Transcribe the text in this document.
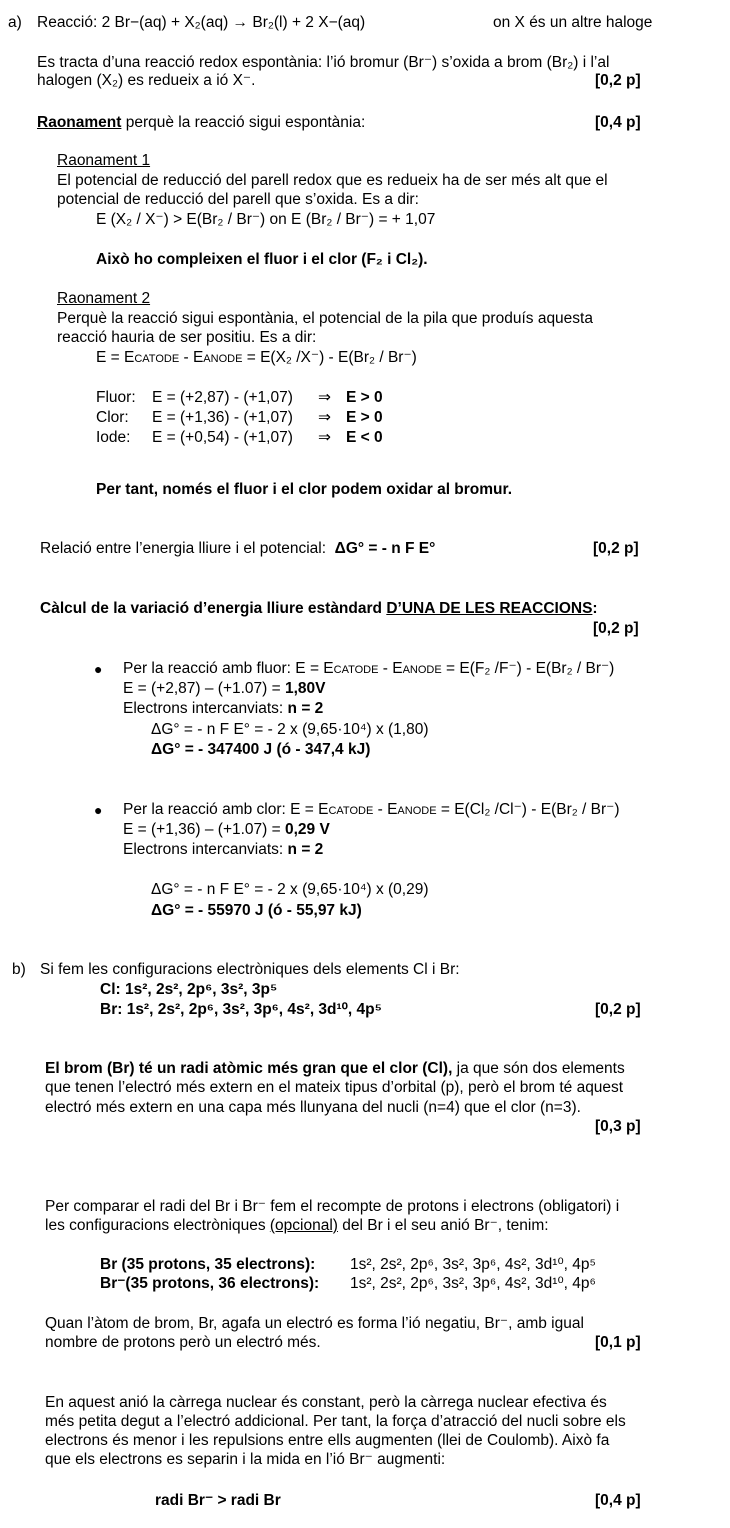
a) Reacció: 2 Br−(aq) + X₂(aq) → Br₂(l) + 2 X−(aq)	on X és un altre haloge
Es tracta d’una reacció redox espontània: l’ió bromur (Br⁻) s’oxida a brom (Br₂) i l’al
halogen (X₂) es redueix a ió X⁻.	[0,2 p]
Raonament perquè la reacció sigui espontània:	[0,4 p]
Raonament 1
El potencial de reducció del parell redox que es redueix ha de ser més alt que el
potencial de reducció del parell que s’oxida. Es a dir:
E (X₂ / X⁻) > E(Br₂ / Br⁻) on E (Br₂ / Br⁻) = + 1,07
Això ho compleixen el fluor i el clor (F₂ i Cl₂).
Raonament 2
Perquè la reacció sigui espontània, el potencial de la pila que produís aquesta
reacció hauria de ser positiu. Es a dir:
E = ECATODE - EANODE = E(X₂ /X⁻) - E(Br₂ / Br⁻)
Fluor: E = (+2,87) - (+1,07) ⇒ E > 0
Clor: E = (+1,36) - (+1,07) ⇒ E > 0
Iode: E = (+0,54) - (+1,07) ⇒ E < 0
Per tant, només el fluor i el clor podem oxidar al bromur.
Relació entre l’energia lliure i el potencial: ΔG° = - n F E°	[0,2 p]
Càlcul de la variació d’energia lliure estàndard D’UNA DE LES REACCIONS:
[0,2 p]
● Per la reacció amb fluor: E = ECATODE - EANODE = E(F₂ /F⁻) - E(Br₂ / Br⁻)
E = (+2,87) – (+1.07) = 1,80V
Electrons intercanviats: n = 2
ΔG° = - n F E° = - 2 x (9,65·10⁴) x (1,80)
ΔG° = - 347400 J (ó - 347,4 kJ)
● Per la reacció amb clor: E = ECATODE - EANODE = E(Cl₂ /Cl⁻) - E(Br₂ / Br⁻)
E = (+1,36) – (+1.07) = 0,29 V
Electrons intercanviats: n = 2
ΔG° = - n F E° = - 2 x (9,65·10⁴) x (0,29)
ΔG° = - 55970 J (ó - 55,97 kJ)
b) Si fem les configuracions electròniques dels elements Cl i Br:
Cl: 1s², 2s², 2p⁶, 3s², 3p⁵
Br: 1s², 2s², 2p⁶, 3s², 3p⁶, 4s², 3d¹⁰, 4p⁵	[0,2 p]
El brom (Br) té un radi atòmic més gran que el clor (Cl), ja que són dos elements
que tenen l’electró més extern en el mateix tipus d’orbital (p), però el brom té aquest
electró més extern en una capa més llunyana del nucli (n=4) que el clor (n=3).
[0,3 p]
Per comparar el radi del Br i Br⁻ fem el recompte de protons i electrons (obligatori) i
les configuracions electròniques (opcional) del Br i el seu anió Br⁻, tenim:
Br (35 protons, 35 electrons): 1s², 2s², 2p⁶, 3s², 3p⁶, 4s², 3d¹⁰, 4p⁵
Br⁻(35 protons, 36 electrons): 1s², 2s², 2p⁶, 3s², 3p⁶, 4s², 3d¹⁰, 4p⁶
Quan l’àtom de brom, Br, agafa un electró es forma l’ió negatiu, Br⁻, amb igual
nombre de protons però un electró més.	[0,1 p]
En aquest anió la càrrega nuclear és constant, però la càrrega nuclear efectiva és
més petita degut a l’electró addicional. Per tant, la força d’atracció del nucli sobre els
electrons és menor i les repulsions entre ells augmenten (llei de Coulomb). Això fa
que els electrons es separin i la mida en l’ió Br⁻ augmenti:
radi Br⁻ > radi Br	[0,4 p]
